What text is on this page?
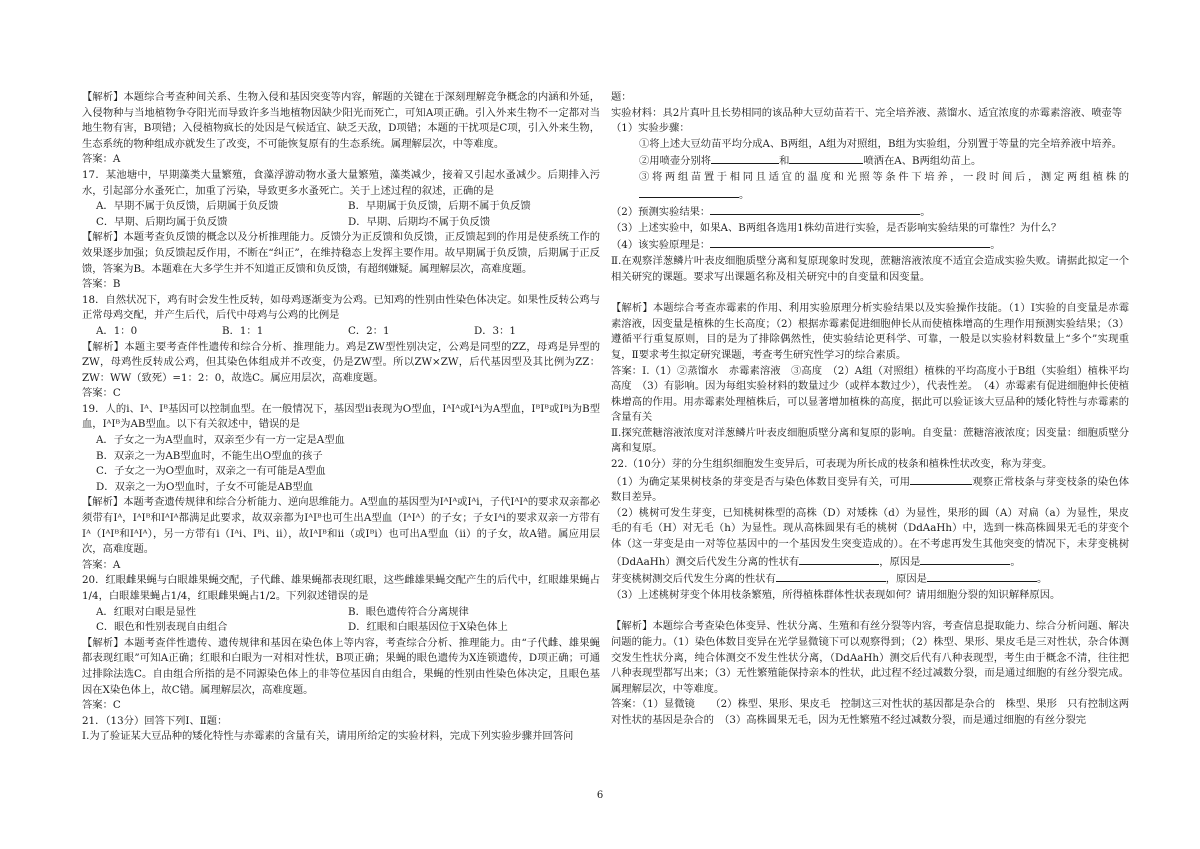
【解析】本题综合考查种间关系、生物入侵和基因突变等内容，解题的关键在于深刻理解竞争概念的内涵和外延，入侵物种与当地植物争夺阳光而导致许多当地植物因缺少阳光而死亡，可知A项正确。引入外来生物不一定都对当地生物有害，B项错；入侵植物疯长的处因是气候适宜、缺乏天敌，D项错；本题的干扰项是C项，引入外来生物，生态系统的物种组成亦就发生了改变，不可能恢复原有的生态系统。属理解层次，中等难度。

答案：A

17．某池塘中，早期藻类大量繁殖，食藻浮游动物水蚤大量繁殖，藻类减少，接着又引起水蚤减少。后期排入污水，引起部分水蚤死亡，加重了污染，导致更多水蚤死亡。关于上述过程的叙述，正确的是

A．早期不属于负反馈，后期属于负反馈	B．早期属于负反馈，后期不属于负反馈
C．早期、后期均属于负反馈	D．早期、后期均不属于负反馈

【解析】本题考查负反馈的概念以及分析推理能力。反馈分为正反馈和负反馈，正反馈起到的作用是使系统工作的效果逐步加强；负反馈起反作用，不断在“纠正”，在维持稳态上发挥主要作用。故早期属于负反馈，后期属于正反馈，答案为B。本题难在大多学生并不知道正反馈和负反馈，有超纲嫌疑。属理解层次，高难度题。

答案：B

18．自然状况下，鸡有时会发生性反转，如母鸡逐渐变为公鸡。已知鸡的性别由性染色体决定。如果性反转公鸡与正常母鸡交配，并产生后代，后代中母鸡与公鸡的比例是

A．1：0	B．1：1	C．2：1	D．3：1

【解析】本题主要考查伴性遗传和综合分析、推理能力。鸡是ZW型性别决定，公鸡是同型的ZZ，母鸡是异型的ZW，母鸡性反转成公鸡，但其染色体组成并不改变，仍是ZW型。所以ZW×ZW，后代基因型及其比例为ZZ：ZW：WW（致死）=1：2：0，故选C。属应用层次，高难度题。

答案：C

19．人的i、Iᴬ、Iᴮ基因可以控制血型。在一般情况下，基因型ii表现为O型血，IᴬIᴬ或Iᴬi为A型血，IᴮIᴮ或Iᴮi为B型血，IᴬIᴮ为AB型血。以下有关叙述中，错误的是

A．子女之一为A型血时，双亲至少有一方一定是A型血

B．双亲之一为AB型血时，不能生出O型血的孩子

C．子女之一为O型血时，双亲之一有可能是A型血

D．双亲之一为O型血时，子女不可能是AB型血

【解析】本题考查遗传规律和综合分析能力、逆向思维能力。A型血的基因型为IᴬIᴬ或Iᴬi，子代IᴬIᴬ的要求双亲都必须带有Iᴬ，IᴬIᴮ和IᴬIᴬ都满足此要求，故双亲都为IᴬIᴮ也可生出A型血（IᴬIᴬ）的子女；子女Iᴬi的要求双亲一方带有Iᴬ（IᴬIᴮ和IᴬIᴬ），另一方带有i（Iᴬi、Iᴮi、ii），故IᴬIᴮ和ii（或Iᴮi）也可出A型血（ii）的子女，故A错。属应用层次，高难度题。

答案：A

20．红眼雌果蝇与白眼雄果蝇交配，子代雌、雄果蝇都表现红眼，这些雌雄果蝇交配产生的后代中，红眼雄果蝇占1/4，白眼雄果蝇占1/4，红眼雌果蝇占1/2。下列叙述错误的是

A．红眼对白眼是显性	B．眼色遗传符合分离规律
C．眼色和性别表现自由组合	D．红眼和白眼基因位于X染色体上

【解析】本题考查伴性遗传、遗传规律和基因在染色体上等内容，考查综合分析、推理能力。由“子代雌、雄果蝇都表现红眼”可知A正确；红眼和白眼为一对相对性状，B项正确；果蝇的眼色遗传为X连锁遗传，D项正确；可通过排除法选C。自由组合所指的是不同源染色体上的非等位基因自由组合，果蝇的性别由性染色体决定，且眼色基因在X染色体上，故C错。属理解层次，高难度题。

答案：C

21．（13分）回答下列Ⅰ、Ⅱ题：

Ⅰ.为了验证某大豆品种的矮化特性与赤霉素的含量有关，请用所给定的实验材料，完成下列实验步骤并回答问

题：

实验材料：具2片真叶且长势相同的该品种大豆幼苗若干、完全培养液、蒸馏水、适宜浓度的赤霉素溶液、喷壶等

（1）实验步骤：

①将上述大豆幼苗平均分成A、B两组，A组为对照组，B组为实验组，分别置于等量的完全培养液中培养。

②用喷壶分别将	和	喷洒在A、B两组幼苗上。

③将两组苗置于相同且适宜的温度和光照等条件下培养，一段时间后，测定两组植株的。

（2）预测实验结果：	。

（3）上述实验中，如果A、B两组各选用1株幼苗进行实验，是否影响实验结果的可靠性？为什么？

（4）该实验原理是：	。

Ⅱ.在观察洋葱鳞片叶表皮细胞质壁分离和复原现象时发现，蔗糖溶液浓度不适宜会造成实验失败。请据此拟定一个相关研究的课题。要求写出课题名称及相关研究中的自变量和因变量。

【解析】本题综合考查赤霉素的作用、利用实验原理分析实验结果以及实验操作技能。（1）Ⅰ实验的自变量是赤霉素溶液，因变量是植株的生长高度；（2）根据赤霉素促进细胞伸长从而使植株增高的生理作用预测实验结果；（3）遵循平行重复原则，目的是为了排除偶然性，使实验结论更科学、可靠，一般是以实验材料数量上“多个”实现重复，Ⅱ要求考生拟定研究课题，考查考生研究性学习的综合素质。

答案：Ⅰ.（1）②蒸馏水　赤霉素溶液　③高度　（2）A组（对照组）植株的平均高度小于B组（实验组）植株平均高度　（3）有影响。因为每组实验材料的数量过少（或样本数过少），代表性差。　（4）赤霉素有促进细胞伸长使植株增高的作用。用赤霉素处理植株后，可以显著增加植株的高度，据此可以验证该大豆品种的矮化特性与赤霉素的含量有关

Ⅱ.探究蔗糖溶液浓度对洋葱鳞片叶表皮细胞质壁分离和复原的影响。自变量：蔗糖溶液浓度；因变量：细胞质壁分离和复原。

22.（10分）芽的分生组织细胞发生变异后，可表现为所长成的枝条和植株性状改变，称为芽变。

（1）为确定某果树枝条的芽变是否与染色体数目变异有关，可用	观察正常枝条与芽变枝条的染色体数目差异。

（2）桃树可发生芽变，已知桃树株型的高株（D）对矮株（d）为显性，果形的圆（A）对扁（a）为显性，果皮毛的有毛（H）对无毛（h）为显性。现从高株圆果有毛的桃树（DdAaHh）中，选到一株高株圆果无毛的芽变个体（这一芽变是由一对等位基因中的一个基因发生突变造成的）。在不考虑再发生其他突变的情况下，未芽变桃树（DdAaHh）测交后代发生分离的性状有	，原因是	。

芽变桃树测交后代发生分离的性状有	，原因是	。

（3）上述桃树芽变个体用枝条繁殖，所得植株群体性状表现如何？请用细胞分裂的知识解释原因。

【解析】本题综合考查染色体变异、性状分离、生殖和有丝分裂等内容，考查信息提取能力、综合分析问题、解决问题的能力。（1）染色体数目变异在光学显微镜下可以观察得到；（2）株型、果形、果皮毛是三对性状，杂合体测交发生性状分离，纯合体测交不发生性状分离，（DdAaHh）测交后代有八种表现型，考生由于概念不清，往往把八种表现型都写出来；（3）无性繁殖能保持亲本的性状，此过程不经过减数分裂，而是通过细胞的有丝分裂完成。属理解层次，中等难度。

答案：（1）显微镜　　（2）株型、果形、果皮毛　控制这三对性状的基因都是杂合的　株型、果形　只有控制这两对性状的基因是杂合的　（3）高株圆果无毛，因为无性繁殖不经过减数分裂，而是通过细胞的有丝分裂完

6
